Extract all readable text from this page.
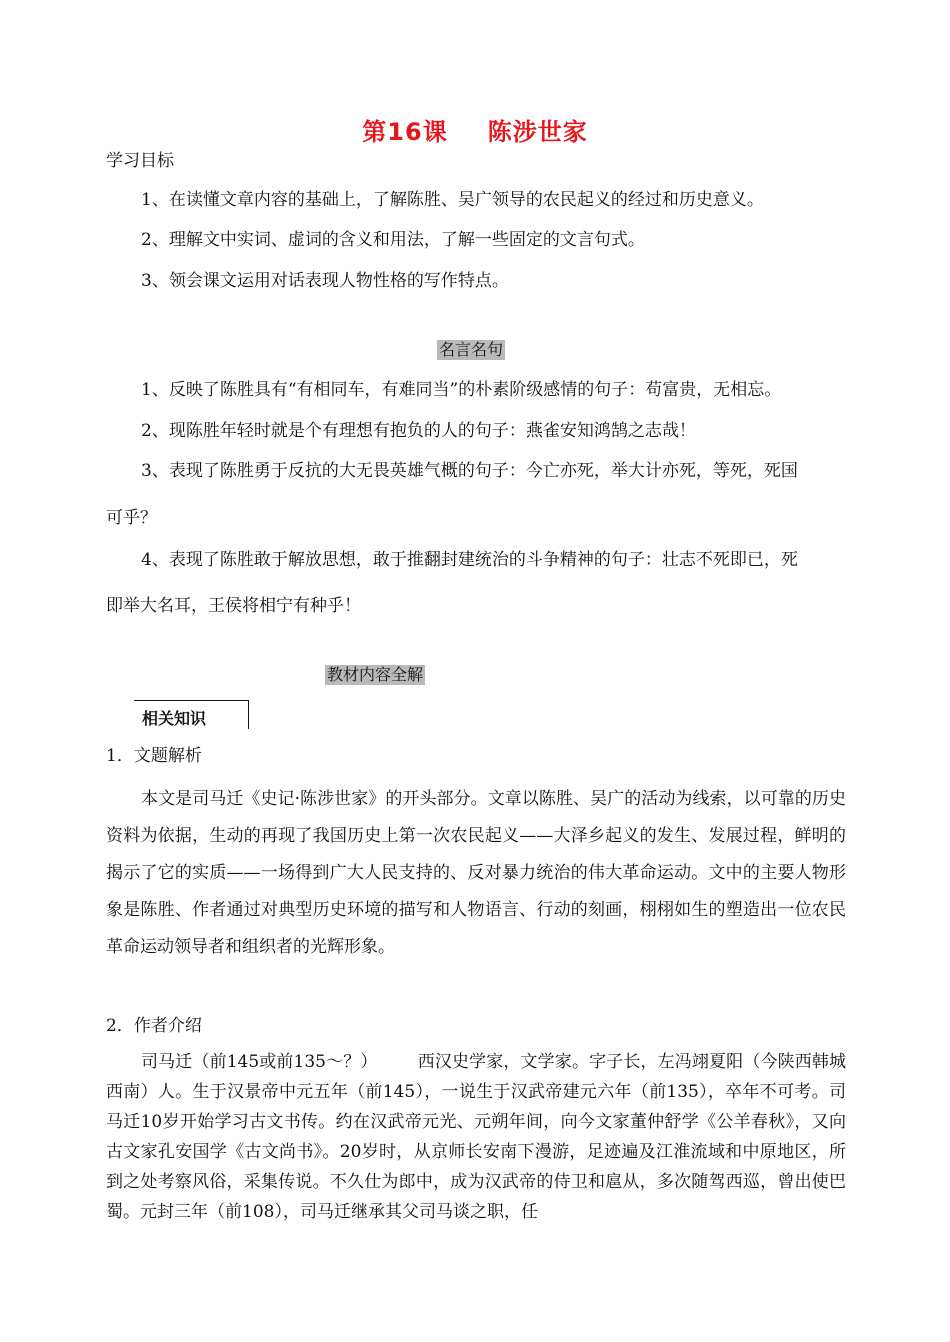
第16课 陈涉世家
学习目标
1、在读懂文章内容的基础上，了解陈胜、吴广领导的农民起义的经过和历史意义。
2、理解文中实词、虚词的含义和用法，了解一些固定的文言句式。
3、领会课文运用对话表现人物性格的写作特点。
名言名句
1、反映了陈胜具有“有相同车，有难同当”的朴素阶级感情的句子：苟富贵，无相忘。
2、现陈胜年轻时就是个有理想有抱负的人的句子：燕雀安知鸿鹄之志哉！
3、表现了陈胜勇于反抗的大无畏英雄气概的句子：今亡亦死，举大计亦死，等死，死国
可乎？
4、表现了陈胜敢于解放思想，敢于推翻封建统治的斗争精神的句子：壮志不死即已，死
即举大名耳，王侯将相宁有种乎！
教材内容全解
相关知识
1．文题解析

本文是司马迁《史记·陈涉世家》的开头部分。文章以陈胜、吴广的活动为线索，以可靠的历史资料为依据，生动的再现了我国历史上第一次农民起义——大泽乡起义的发生、发展过程，鲜明的揭示了它的实质——一场得到广大人民支持的、反对暴力统治的伟大革命运动。文中的主要人物形象是陈胜、作者通过对典型历史环境的描写和人物语言、行动的刻画，栩栩如生的塑造出一位农民革命运动领导者和组织者的光辉形象。

2．作者介绍

司马迁（前145或前135～？） 西汉史学家，文学家。字子长，左冯翊夏阳（今陕西韩城西南）人。生于汉景帝中元五年（前145），一说生于汉武帝建元六年（前135），卒年不可考。司马迁10岁开始学习古文书传。约在汉武帝元光、元朔年间，向今文家董仲舒学《公羊春秋》，又向古文家孔安国学《古文尚书》。20岁时，从京师长安南下漫游，足迹遍及江淮流域和中原地区，所到之处考察风俗，采集传说。不久仕为郎中，成为汉武帝的侍卫和扈从，多次随驾西巡，曾出使巴蜀。元封三年（前108），司马迁继承其父司马谈之职，任
